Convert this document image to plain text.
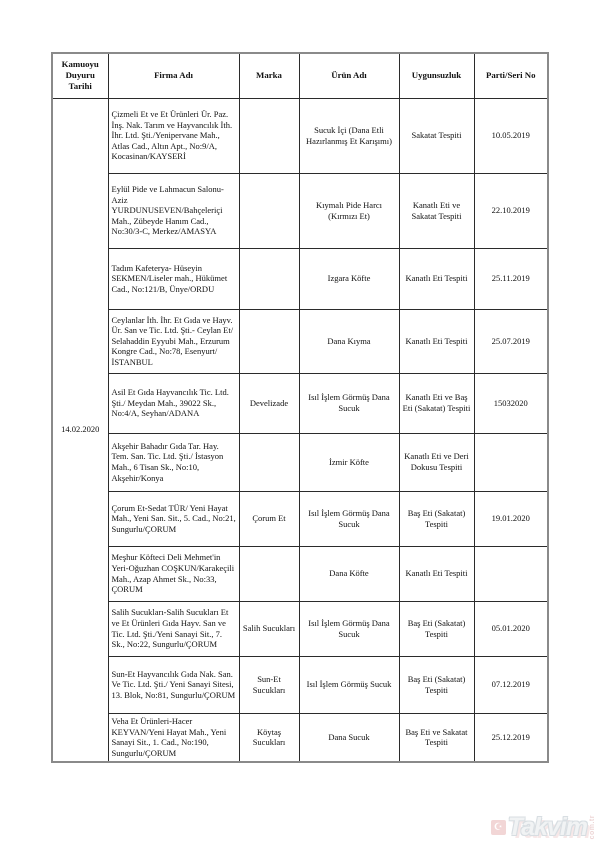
Kamuoyu Duyuru Tarihi	Firma Adı	Marka	Ürün Adı	Uygunsuzluk	Parti/Seri No
14.02.2020	Çizmeli Et ve Et Ürünleri Ür. Paz. İnş. Nak. Tarım ve Hayvancılık İth. İhr. Ltd. Şti./Yenipervane Mah., Atlas Cad., Altın Apt., No:9/A, Kocasinan/KAYSERİ		Sucuk İçi (Dana Etli Hazırlanmış Et Karışımı)	Sakatat Tespiti	10.05.2019
	Eylül Pide ve Lahmacun Salonu-Aziz YURDUNUSEVEN/Bahçeleriçi Mah., Zübeyde Hanım Cad., No:30/3-C, Merkez/AMASYA		Kıymalı Pide Harcı (Kırmızı Et)	Kanatlı Eti ve Sakatat Tespiti	22.10.2019
	Tadım Kafeterya- Hüseyin SEKMEN/Liseler mah., Hükümet Cad., No:121/B, Ünye/ORDU		Izgara Köfte	Kanatlı Eti Tespiti	25.11.2019
	Ceylanlar İth. İhr. Et Gıda ve Hayv. Ür. San ve Tic. Ltd. Şti.- Ceylan Et/ Selahaddin Eyyubi Mah., Erzurum Kongre Cad., No:78, Esenyurt/İSTANBUL		Dana Kıyma	Kanatlı Eti Tespiti	25.07.2019
	Asil Et Gıda Hayvancılık Tic. Ltd. Şti./ Meydan Mah., 39022 Sk., No:4/A, Seyhan/ADANA	Develizade	Isıl İşlem Görmüş Dana Sucuk	Kanatlı Eti ve Baş Eti (Sakatat) Tespiti	15032020
	Akşehir Bahadır Gıda Tar. Hay. Tem. San. Tic. Ltd. Şti./ İstasyon Mah., 6 Tisan Sk., No:10, Akşehir/Konya		İzmir Köfte	Kanatlı Eti ve Deri Dokusu Tespiti	
	Çorum Et-Sedat TÜR/ Yeni Hayat Mah., Yeni San. Sit., 5. Cad., No:21, Sungurlu/ÇORUM	Çorum Et	Isıl İşlem Görmüş Dana Sucuk	Baş Eti (Sakatat) Tespiti	19.01.2020
	Meşhur Köfteci Deli Mehmet'in Yeri-Oğuzhan COŞKUN/Karakeçili Mah., Azap Ahmet Sk., No:33, ÇORUM		Dana Köfte	Kanatlı Eti Tespiti	
	Salih Sucukları-Salih Sucukları Et ve Et Ürünleri Gıda Hayv. San ve Tic. Ltd. Şti./Yeni Sanayi Sit., 7. Sk., No:22, Sungurlu/ÇORUM	Salih Sucukları	Isıl İşlem Görmüş Dana Sucuk	Baş Eti (Sakatat) Tespiti	05.01.2020
	Sun-Et Hayvancılık Gıda Nak. San. Ve Tic. Ltd. Şti./ Yeni Sanayi Sitesi, 13. Blok, No:81, Sungurlu/ÇORUM	Sun-Et Sucukları	Isıl İşlem Görmüş Sucuk	Baş Eti (Sakatat) Tespiti	07.12.2019
	Veha Et Ürünleri-Hacer KEYVAN/Yeni Hayat Mah., Yeni Sanayi Sit., 1. Cad., No:190, Sungurlu/ÇORUM	Köytaş Sucukları	Dana Sucuk	Baş Eti ve Sakatat Tespiti	25.12.2019
☪ Takvim com.tr
